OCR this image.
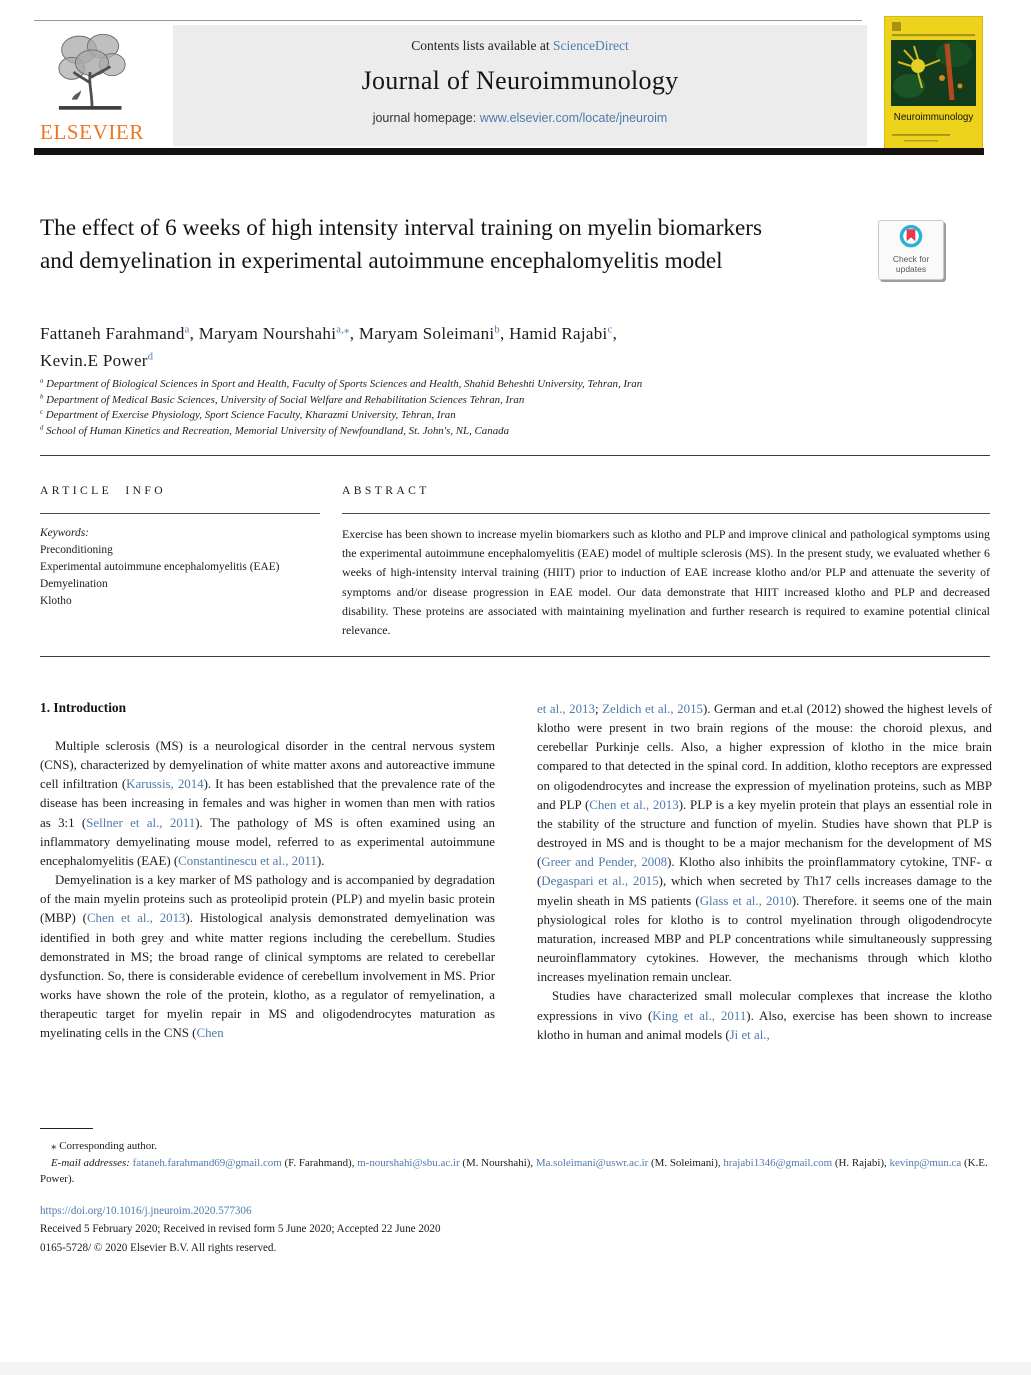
ELSEVIER
Contents lists available at ScienceDirect
Journal of Neuroimmunology
journal homepage: www.elsevier.com/locate/jneuroim	Neuroimmunology
The effect of 6 weeks of high intensity interval training on myelin biomarkers and demyelination in experimental autoimmune encephalomyelitis model	Check for updates
Fattaneh Farahmand$^a$, Maryam Nourshahi$^{a,⁎}$, Maryam Soleimani$^b$, Hamid Rajabi$^c$,
Kevin.E Power$^d$
$^a$ Department of Biological Sciences in Sport and Health, Faculty of Sports Sciences and Health, Shahid Beheshti University, Tehran, Iran
$^b$ Department of Medical Basic Sciences, University of Social Welfare and Rehabilitation Sciences Tehran, Iran
$^c$ Department of Exercise Physiology, Sport Science Faculty, Kharazmi University, Tehran, Iran
$^d$ School of Human Kinetics and Recreation, Memorial University of Newfoundland, St. John's, NL, Canada
ARTICLE INFO
Keywords:
Preconditioning
Experimental autoimmune encephalomyelitis (EAE)
Demyelination
Klotho
ABSTRACT
Exercise has been shown to increase myelin biomarkers such as klotho and PLP and improve clinical and pathological symptoms using the experimental autoimmune encephalomyelitis (EAE) model of multiple sclerosis (MS). In the present study, we evaluated whether 6 weeks of high-intensity interval training (HIIT) prior to induction of EAE increase klotho and/or PLP and attenuate the severity of symptoms and/or disease progression in EAE model. Our data demonstrate that HIIT increased klotho and PLP and decreased disability. These proteins are associated with maintaining myelination and further research is required to examine potential clinical relevance.
1. Introduction
Multiple sclerosis (MS) is a neurological disorder in the central nervous system (CNS), characterized by demyelination of white matter axons and autoreactive immune cell infiltration (Karussis, 2014). It has been established that the prevalence rate of the disease has been increasing in females and was higher in women than men with ratios as 3:1 (Sellner et al., 2011). The pathology of MS is often examined using an inflammatory demyelinating mouse model, referred to as experimental autoimmune encephalomyelitis (EAE) (Constantinescu et al., 2011).
Demyelination is a key marker of MS pathology and is accompanied by degradation of the main myelin proteins such as proteolipid protein (PLP) and myelin basic protein (MBP) (Chen et al., 2013). Histological analysis demonstrated demyelination was identified in both grey and white matter regions including the cerebellum. Studies demonstrated in MS; the broad range of clinical symptoms are related to cerebellar dysfunction. So, there is considerable evidence of cerebellum involvement in MS. Prior works have shown the role of the protein, klotho, as a regulator of remyelination, a therapeutic target for myelin repair in MS and oligodendrocytes maturation as myelinating cells in the CNS (Chen
et al., 2013; Zeldich et al., 2015). German and et.al (2012) showed the highest levels of klotho were present in two brain regions of the mouse: the choroid plexus, and cerebellar Purkinje cells. Also, a higher expression of klotho in the mice brain compared to that detected in the spinal cord. In addition, klotho receptors are expressed on oligodendrocytes and increase the expression of myelination proteins, such as MBP and PLP (Chen et al., 2013). PLP is a key myelin protein that plays an essential role in the stability of the structure and function of myelin. Studies have shown that PLP is destroyed in MS and is thought to be a major mechanism for the development of MS (Greer and Pender, 2008). Klotho also inhibits the proinflammatory cytokine, TNF- α (Degaspari et al., 2015), which when secreted by Th17 cells increases damage to the myelin sheath in MS patients (Glass et al., 2010). Therefore. it seems one of the main physiological roles for klotho is to control myelination through oligodendrocyte maturation, increased MBP and PLP concentrations while simultaneously suppressing neuroinflammatory cytokines. However, the mechanisms through which klotho increases myelination remain unclear.
Studies have characterized small molecular complexes that increase the klotho expressions in vivo (King et al., 2011). Also, exercise has been shown to increase klotho in human and animal models (Ji et al.,
⁎ Corresponding author.
E-mail addresses: fataneh.farahmand69@gmail.com (F. Farahmand), m-nourshahi@sbu.ac.ir (M. Nourshahi), Ma.soleimani@uswr.ac.ir (M. Soleimani), hrajabi1346@gmail.com (H. Rajabi), kevinp@mun.ca (K.E. Power).
https://doi.org/10.1016/j.jneuroim.2020.577306
Received 5 February 2020; Received in revised form 5 June 2020; Accepted 22 June 2020
0165-5728/ © 2020 Elsevier B.V. All rights reserved.
